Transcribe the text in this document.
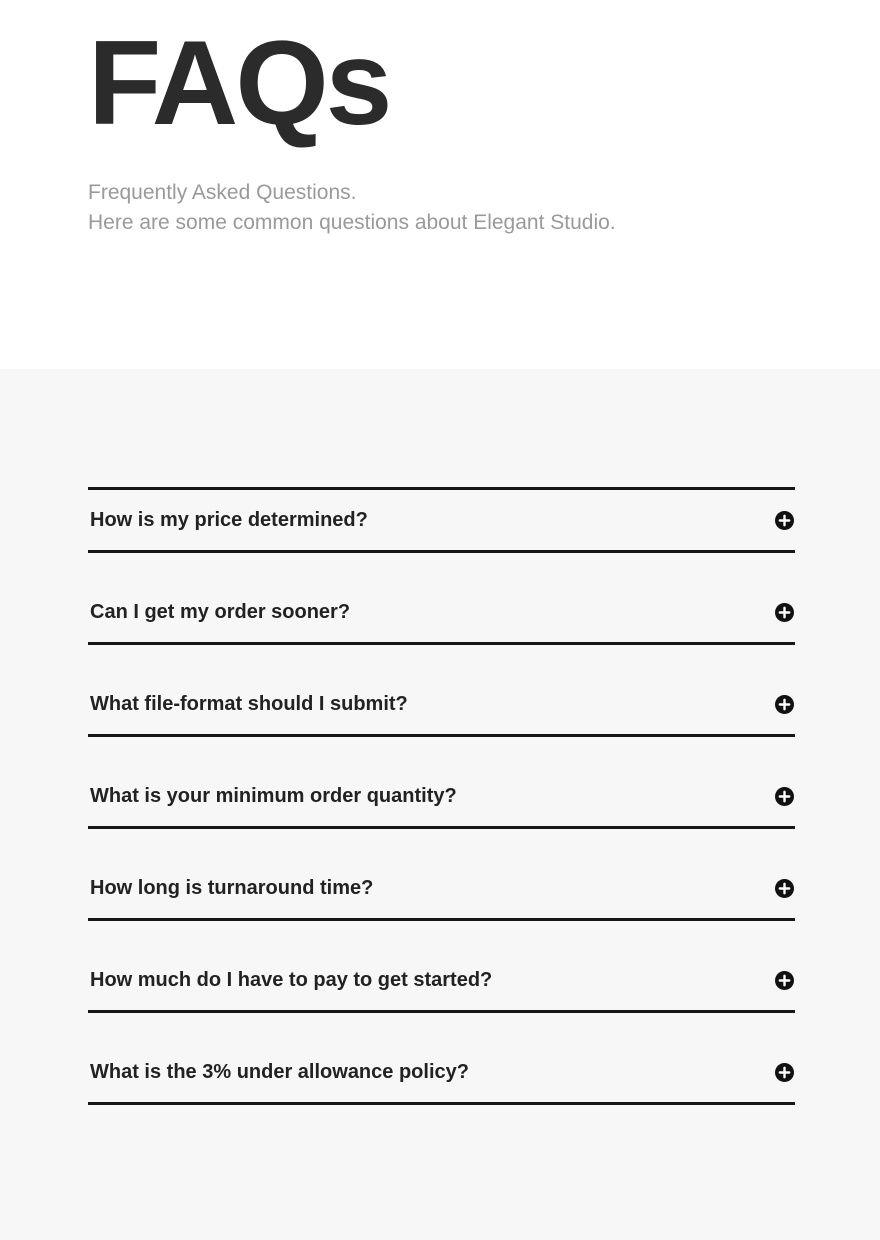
FAQs
Frequently Asked Questions.
Here are some common questions about Elegant Studio.
How is my price determined?
Can I get my order sooner?
What file-format should I submit?
What is your minimum order quantity?
How long is turnaround time?
How much do I have to pay to get started?
What is the 3% under allowance policy?
